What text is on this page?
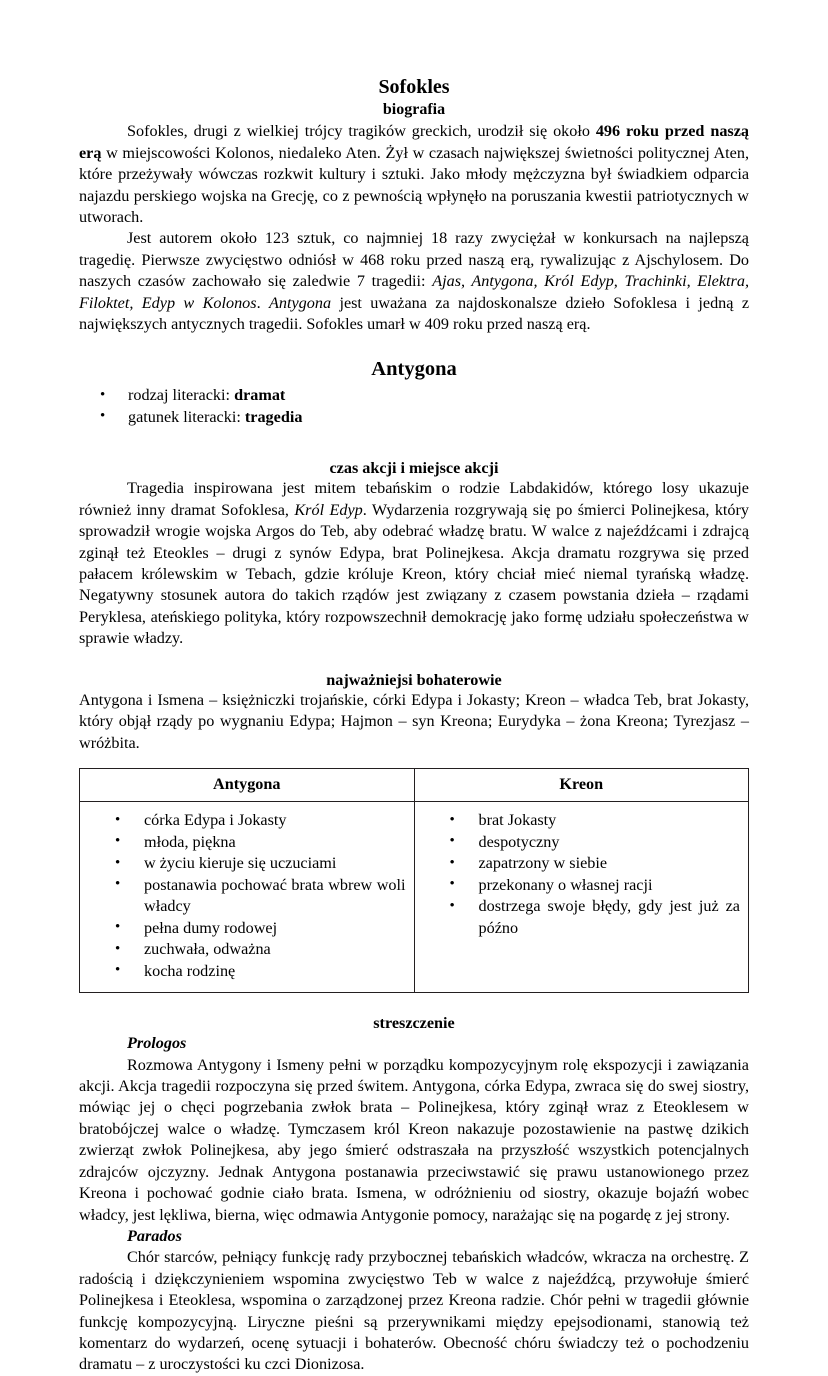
Sofokles
biografia

Sofokles, drugi z wielkiej trójcy tragików greckich, urodził się około 496 roku przed naszą erą w miejscowości Kolonos, niedaleko Aten. Żył w czasach największej świetności politycznej Aten, które przeżywały wówczas rozkwit kultury i sztuki. Jako młody mężczyzna był świadkiem odparcia najazdu perskiego wojska na Grecję, co z pewnością wpłynęło na poruszania kwestii patriotycznych w utworach.

Jest autorem około 123 sztuk, co najmniej 18 razy zwyciężał w konkursach na najlepszą tragedię. Pierwsze zwycięstwo odniósł w 468 roku przed naszą erą, rywalizując z Ajschylosem. Do naszych czasów zachowało się zaledwie 7 tragedii: Ajas, Antygona, Król Edyp, Trachinki, Elektra, Filoktet, Edyp w Kolonos. Antygona jest uważana za najdoskonalsze dzieło Sofoklesa i jedną z największych antycznych tragedii. Sofokles umarł w 409 roku przed naszą erą.

Antygona
• rodzaj literacki: dramat
• gatunek literacki: tragedia
czas akcji i miejsce akcji

Tragedia inspirowana jest mitem tebańskim o rodzie Labdakidów, którego losy ukazuje również inny dramat Sofoklesa, Król Edyp. Wydarzenia rozgrywają się po śmierci Polinejkesa, który sprowadził wrogie wojska Argos do Teb, aby odebrać władzę bratu. W walce z najeźdźcami i zdrajcą zginął też Eteokles – drugi z synów Edypa, brat Polinejkesa. Akcja dramatu rozgrywa się przed pałacem królewskim w Tebach, gdzie króluje Kreon, który chciał mieć niemal tyrańską władzę. Negatywny stosunek autora do takich rządów jest związany z czasem powstania dzieła – rządami Peryklesa, ateńskiego polityka, który rozpowszechnił demokrację jako formę udziału społeczeństwa w sprawie władzy.

najważniejsi bohaterowie

Antygona i Ismena – księżniczki trojańskie, córki Edypa i Jokasty; Kreon – władca Teb, brat Jokasty, który objął rządy po wygnaniu Edypa; Hajmon – syn Kreona; Eurydyka – żona Kreona; Tyrezjasz – wróżbita.

Antygona	Kreon

• córka Edypa i Jokasty
• młoda, piękna
• w życiu kieruje się uczuciami
• postanawia pochować brata wbrew woli władcy
• pełna dumy rodowej
• zuchwała, odważna
• kocha rodzinę

• brat Jokasty
• despotyczny
• zapatrzony w siebie
• przekonany o własnej racji
• dostrzega swoje błędy, gdy jest już za późno
streszczenie
Prologos

Rozmowa Antygony i Ismeny pełni w porządku kompozycyjnym rolę ekspozycji i zawiązania akcji. Akcja tragedii rozpoczyna się przed świtem. Antygona, córka Edypa, zwraca się do swej siostry, mówiąc jej o chęci pogrzebania zwłok brata – Polinejkesa, który zginął wraz z Eteoklesem w bratobójczej walce o władzę. Tymczasem król Kreon nakazuje pozostawienie na pastwę dzikich zwierząt zwłok Polinejkesa, aby jego śmierć odstraszała na przyszłość wszystkich potencjalnych zdrajców ojczyzny. Jednak Antygona postanawia przeciwstawić się prawu ustanowionego przez Kreona i pochować godnie ciało brata. Ismena, w odróżnieniu od siostry, okazuje bojaźń wobec władcy, jest lękliwa, bierna, więc odmawia Antygonie pomocy, narażając się na pogardę z jej strony.

Parados

Chór starców, pełniący funkcję rady przybocznej tebańskich władców, wkracza na orchestrę. Z radością i dziękczynieniem wspomina zwycięstwo Teb w walce z najeźdźcą, przywołuje śmierć Polinejkesa i Eteoklesa, wspomina o zarządzonej przez Kreona radzie. Chór pełni w tragedii głównie funkcję kompozycyjną. Liryczne pieśni są przerywnikami między epejsodionami, stanowią też komentarz do wydarzeń, ocenę sytuacji i bohaterów. Obecność chóru świadczy też o pochodzeniu dramatu – z uroczystości ku czci Dionizosa.
